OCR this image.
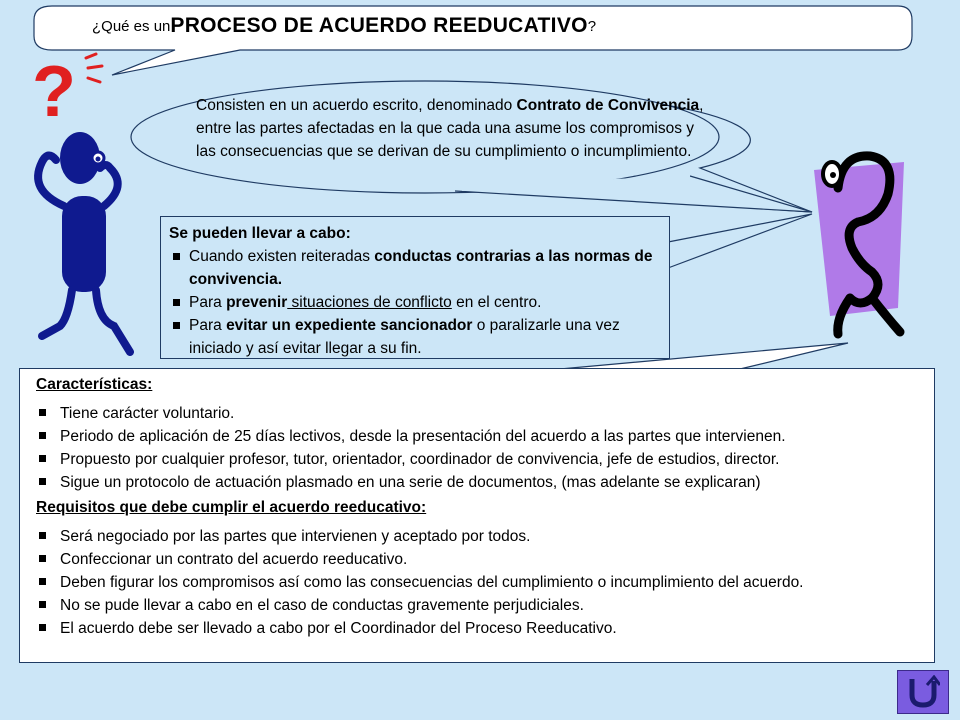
¿Qué es un PROCESO DE ACUERDO REEDUCATIVO ?
Consisten en un acuerdo escrito, denominado Contrato de Convivencia, entre las partes afectadas en la que cada una asume los compromisos y las consecuencias que se derivan de su cumplimiento o incumplimiento.
Se pueden llevar a cabo:
Cuando existen reiteradas conductas contrarias a las normas de convivencia.
Para prevenir situaciones de conflicto en el centro.
Para evitar un expediente sancionador o paralizarle una vez iniciado y así evitar llegar a su fin.
Características:
Tiene carácter voluntario.
Periodo de aplicación de 25 días lectivos, desde la presentación del acuerdo a las partes que intervienen.
Propuesto por cualquier profesor, tutor, orientador, coordinador de convivencia, jefe de estudios, director.
Sigue un protocolo de actuación plasmado en una serie de documentos, (mas adelante se explicaran)
Requisitos que debe cumplir el acuerdo reeducativo:
Será negociado por las partes que intervienen y aceptado por todos.
Confeccionar un contrato del acuerdo reeducativo.
Deben figurar los compromisos así como las consecuencias del cumplimiento o incumplimiento del acuerdo.
No se pude llevar a cabo en el caso de conductas gravemente perjudiciales.
El acuerdo debe ser llevado a cabo por el Coordinador del Proceso Reeducativo.
?
